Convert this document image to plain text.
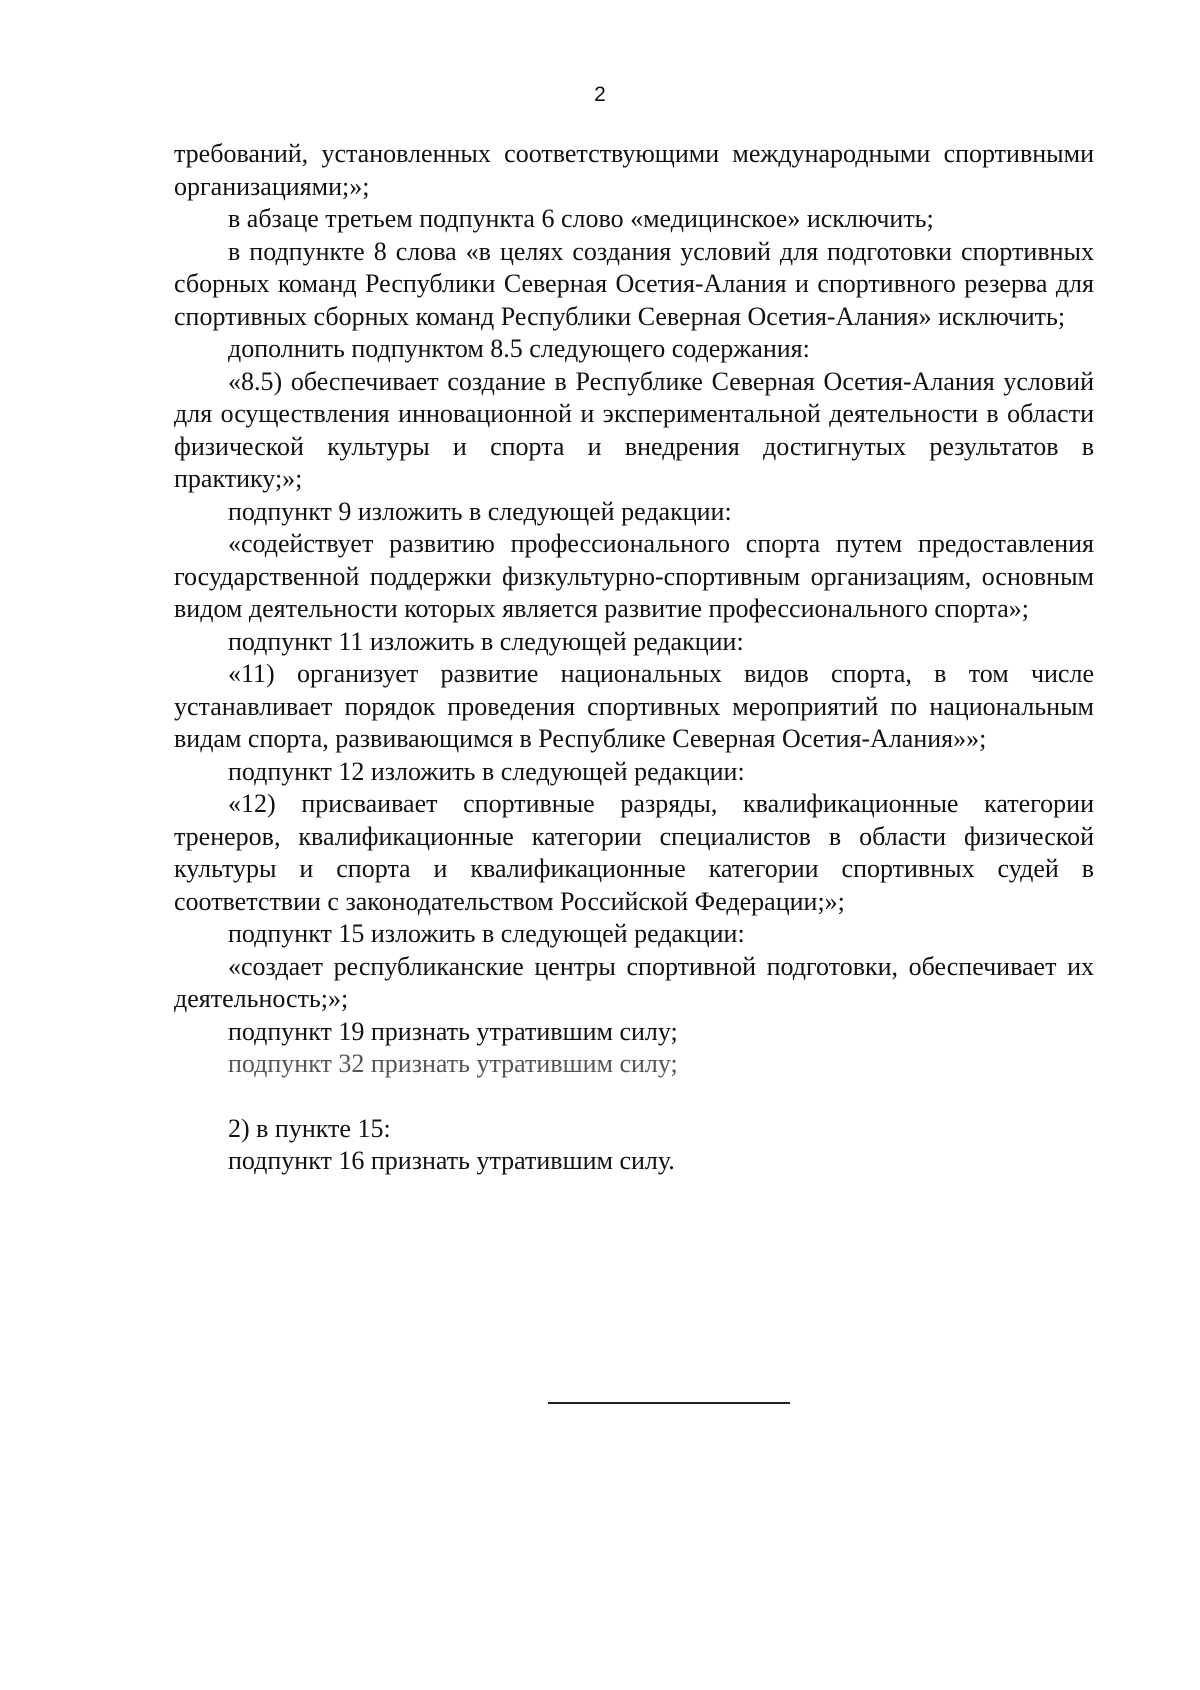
2

требований, установленных соответствующими международными спортивными организациями;»;

в абзаце третьем подпункта 6 слово «медицинское» исключить;

в подпункте 8 слова «в целях создания условий для подготовки спортивных сборных команд Республики Северная Осетия-Алания и спортивного резерва для спортивных сборных команд Республики Северная Осетия-Алания» исключить;

дополнить подпунктом 8.5 следующего содержания:

«8.5) обеспечивает создание в Республике Северная Осетия-Алания условий для осуществления инновационной и экспериментальной деятельности в области физической культуры и спорта и внедрения достигнутых результатов в практику;»;

подпункт 9 изложить в следующей редакции:

«содействует развитию профессионального спорта путем предоставления государственной поддержки физкультурно-спортивным организациям, основным видом деятельности которых является развитие профессионального спорта»;

подпункт 11 изложить в следующей редакции:

«11) организует развитие национальных видов спорта, в том числе устанавливает порядок проведения спортивных мероприятий по национальным видам спорта, развивающимся в Республике Северная Осетия-Алания»»;

подпункт 12 изложить в следующей редакции:

«12) присваивает спортивные разряды, квалификационные категории тренеров, квалификационные категории специалистов в области физической культуры и спорта и квалификационные категории спортивных судей в соответствии с законодательством Российской Федерации;»;

подпункт 15 изложить в следующей редакции:

«создает республиканские центры спортивной подготовки, обеспечивает их деятельность;»;

подпункт 19 признать утратившим силу;

подпункт 32 признать утратившим силу;

2) в пункте 15:

подпункт 16 признать утратившим силу.
